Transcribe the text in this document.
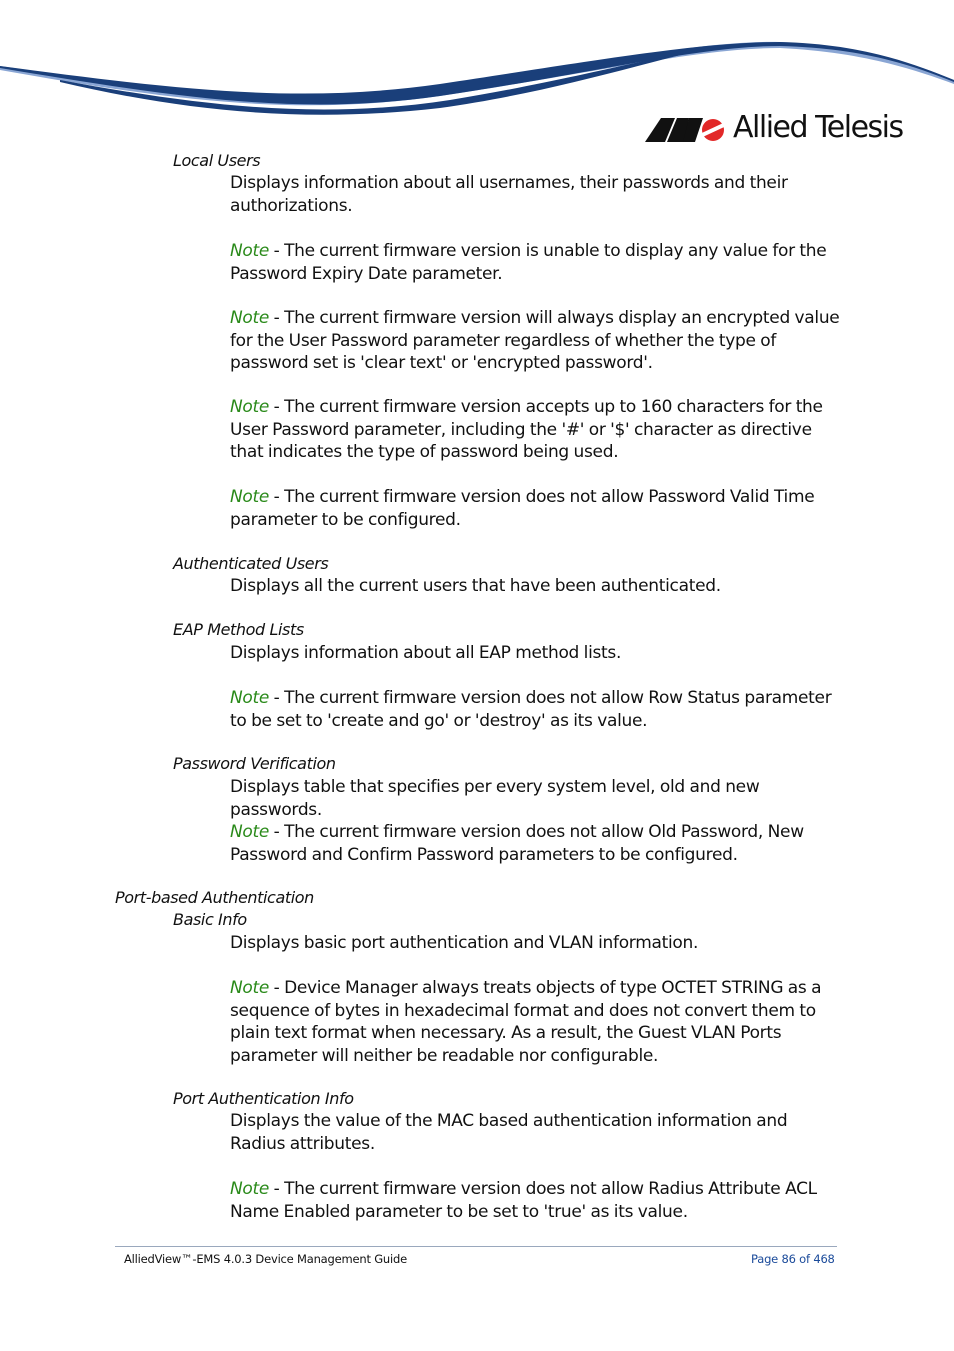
Allied Telesis
Local Users
Displays information about all usernames, their passwords and their authorizations.
Note - The current firmware version is unable to display any value for the Password Expiry Date parameter.
Note - The current firmware version will always display an encrypted value for the User Password parameter regardless of whether the type of password set is 'clear text' or 'encrypted password'.
Note - The current firmware version accepts up to 160 characters for the User Password parameter, including the '#' or '$' character as directive that indicates the type of password being used.
Note - The current firmware version does not allow Password Valid Time parameter to be configured.
Authenticated Users
Displays all the current users that have been authenticated.
EAP Method Lists
Displays information about all EAP method lists.
Note - The current firmware version does not allow Row Status parameter to be set to 'create and go' or 'destroy' as its value.
Password Verification
Displays table that specifies per every system level, old and new passwords.
Note - The current firmware version does not allow Old Password, New Password and Confirm Password parameters to be configured.
Port-based Authentication
Basic Info
Displays basic port authentication and VLAN information.
Note - Device Manager always treats objects of type OCTET STRING as a sequence of bytes in hexadecimal format and does not convert them to plain text format when necessary. As a result, the Guest VLAN Ports parameter will neither be readable nor configurable.
Port Authentication Info
Displays the value of the MAC based authentication information and Radius attributes.
Note - The current firmware version does not allow Radius Attribute ACL Name Enabled parameter to be set to 'true' as its value.
AlliedView™-EMS 4.0.3 Device Management Guide	Page 86 of 468
